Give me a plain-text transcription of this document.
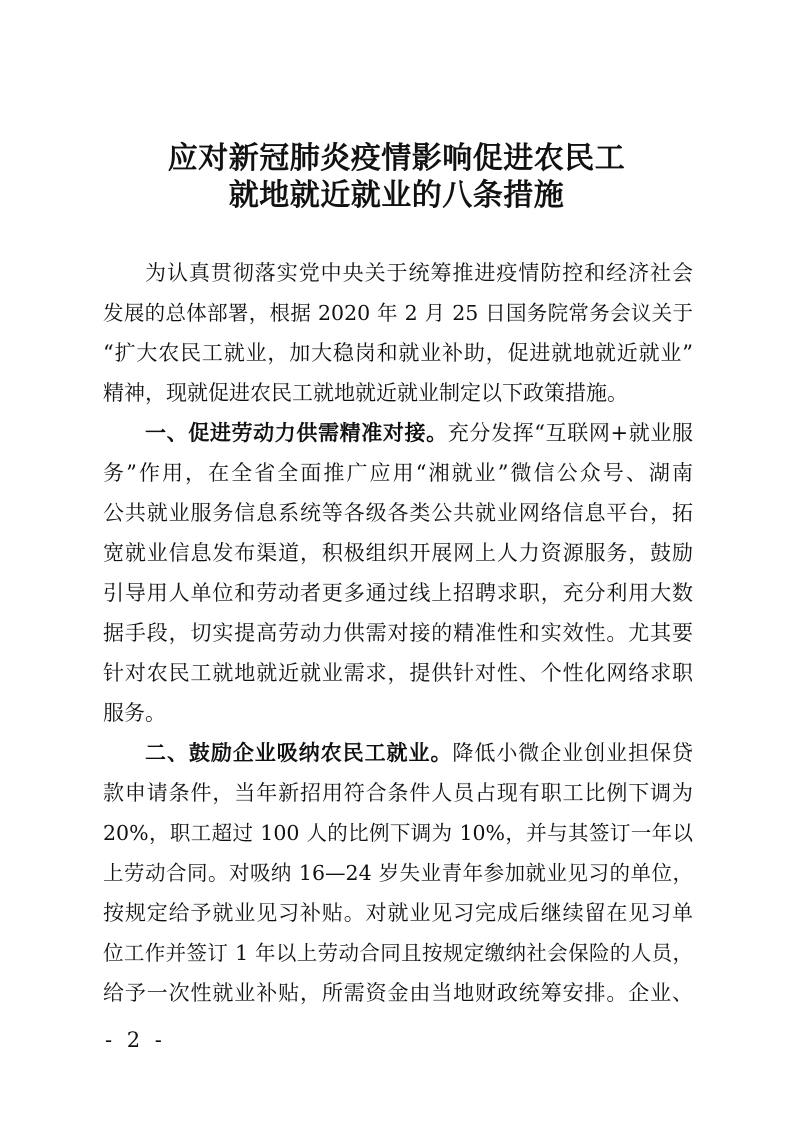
应对新冠肺炎疫情影响促进农民工
就地就近就业的八条措施
为认真贯彻落实党中央关于统筹推进疫情防控和经济社会
发展的总体部署，根据 2020 年 2 月 25 日国务院常务会议关于
“扩大农民工就业，加大稳岗和就业补助，促进就地就近就业”
精神，现就促进农民工就地就近就业制定以下政策措施。
一、促进劳动力供需精准对接。充分发挥“互联网+就业服
务”作用，在全省全面推广应用“湘就业”微信公众号、湖南
公共就业服务信息系统等各级各类公共就业网络信息平台，拓
宽就业信息发布渠道，积极组织开展网上人力资源服务，鼓励
引导用人单位和劳动者更多通过线上招聘求职，充分利用大数
据手段，切实提高劳动力供需对接的精准性和实效性。尤其要
针对农民工就地就近就业需求，提供针对性、个性化网络求职
服务。
二、鼓励企业吸纳农民工就业。降低小微企业创业担保贷
款申请条件，当年新招用符合条件人员占现有职工比例下调为
20%，职工超过 100 人的比例下调为 10%，并与其签订一年以
上劳动合同。对吸纳 16—24 岁失业青年参加就业见习的单位，
按规定给予就业见习补贴。对就业见习完成后继续留在见习单
位工作并签订 1 年以上劳动合同且按规定缴纳社会保险的人员，
给予一次性就业补贴，所需资金由当地财政统筹安排。企业、
- 2 -
